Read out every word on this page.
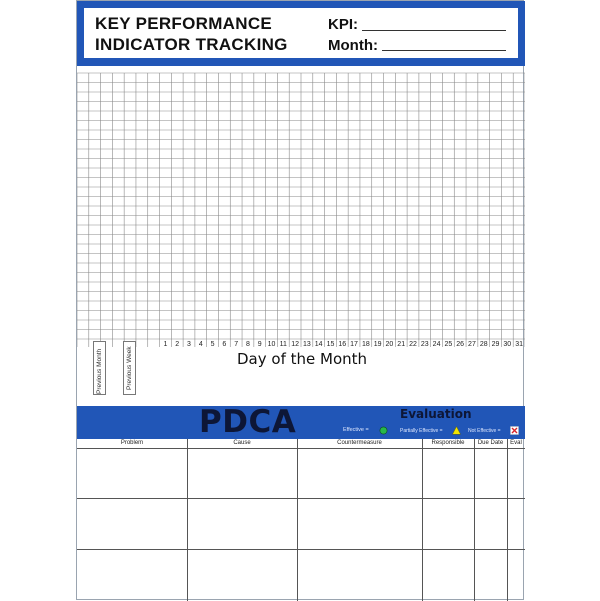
KEY PERFORMANCE
INDICATOR TRACKING
KPI:
Month:
1 2 3 4 5 6 7 8 9 10 11 12 13 14 15 16 17 18 19 20 21 22 23 24 25 26 27 28 29 30 31
Previous Month	Previous Week	Day of the Month
PDCA	Evaluation
Effective =	Partially Effective =	Not Effective =
Problem	Cause	Countermeasure	Responsible	Due Date	Eval
